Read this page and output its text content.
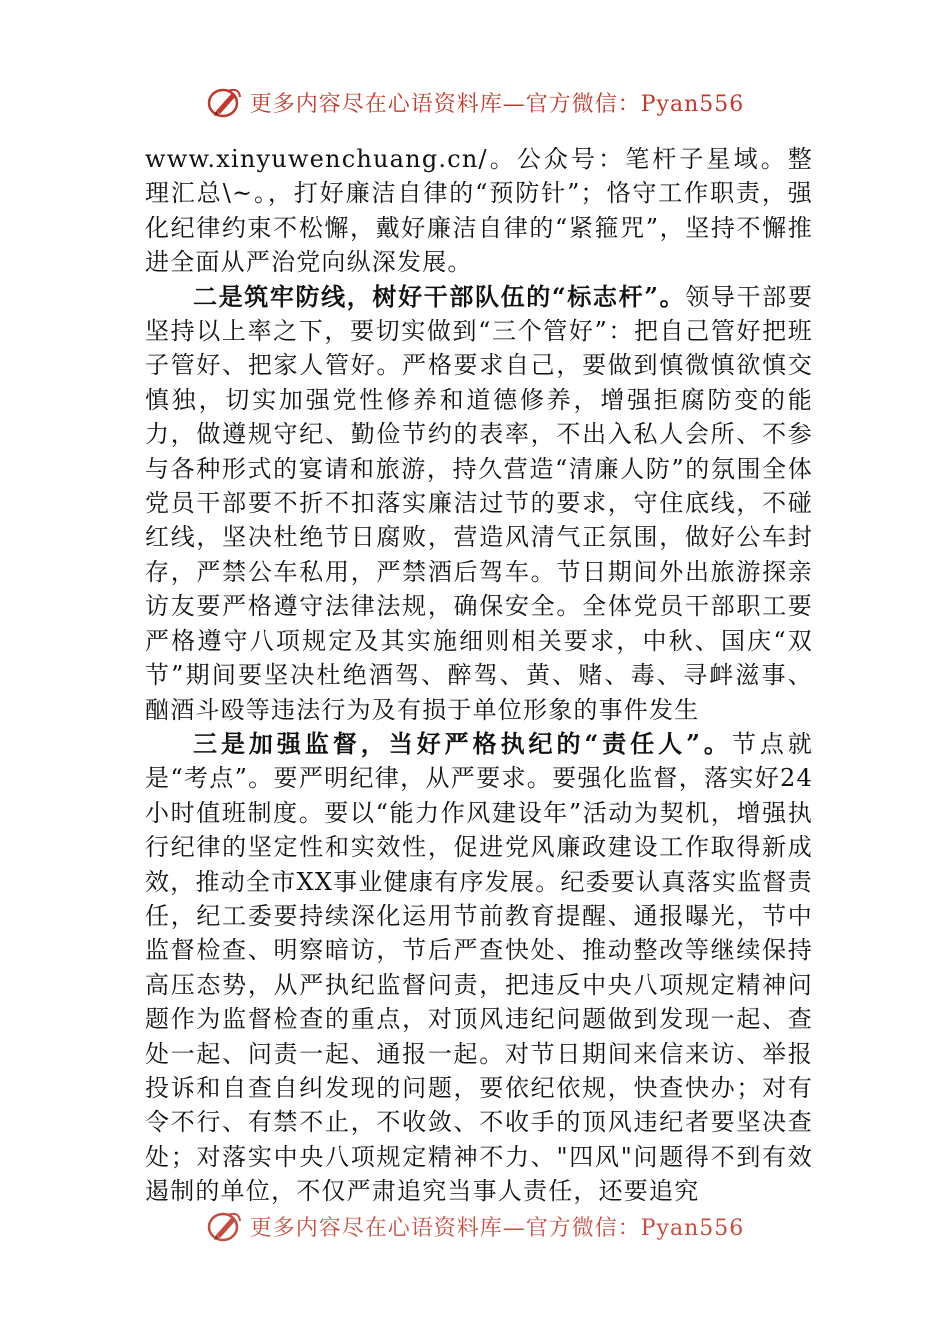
更多内容尽在心语资料库—官方微信：Pyan556

www.xinyuwenchuang.cn/。公众号：笔杆子星域。整理汇总\~。，打好廉洁自律的“预防针”；恪守工作职责，强化纪律约束不松懈，戴好廉洁自律的“紧箍咒”，坚持不懈推进全面从严治党向纵深发展。

二是筑牢防线，树好干部队伍的“标志杆”。领导干部要坚持以上率之下，要切实做到“三个管好”：把自己管好把班子管好、把家人管好。严格要求自己，要做到慎微慎欲慎交慎独，切实加强党性修养和道德修养，增强拒腐防变的能力，做遵规守纪、勤俭节约的表率，不出入私人会所、不参与各种形式的宴请和旅游，持久营造“清廉人防”的氛围全体党员干部要不折不扣落实廉洁过节的要求，守住底线，不碰红线，坚决杜绝节日腐败，营造风清气正氛围，做好公车封存，严禁公车私用，严禁酒后驾车。节日期间外出旅游探亲访友要严格遵守法律法规，确保安全。全体党员干部职工要严格遵守八项规定及其实施细则相关要求，中秋、国庆“双节”期间要坚决杜绝酒驾、醉驾、黄、赌、毒、寻衅滋事、酗酒斗殴等违法行为及有损于单位形象的事件发生

三是加强监督，当好严格执纪的“责任人”。节点就是“考点”。要严明纪律，从严要求。要强化监督，落实好24小时值班制度。要以“能力作风建设年”活动为契机，增强执行纪律的坚定性和实效性，促进党风廉政建设工作取得新成效，推动全市XX事业健康有序发展。纪委要认真落实监督责任，纪工委要持续深化运用节前教育提醒、通报曝光，节中监督检查、明察暗访，节后严查快处、推动整改等继续保持高压态势，从严执纪监督问责，把违反中央八项规定精神问题作为监督检查的重点，对顶风违纪问题做到发现一起、查处一起、问责一起、通报一起。对节日期间来信来访、举报投诉和自查自纠发现的问题，要依纪依规，快查快办；对有令不行、有禁不止，不收敛、不收手的顶风违纪者要坚决查处；对落实中央八项规定精神不力、"四风"问题得不到有效遏制的单位，不仅严肃追究当事人责任，还要追究

更多内容尽在心语资料库—官方微信：Pyan556
